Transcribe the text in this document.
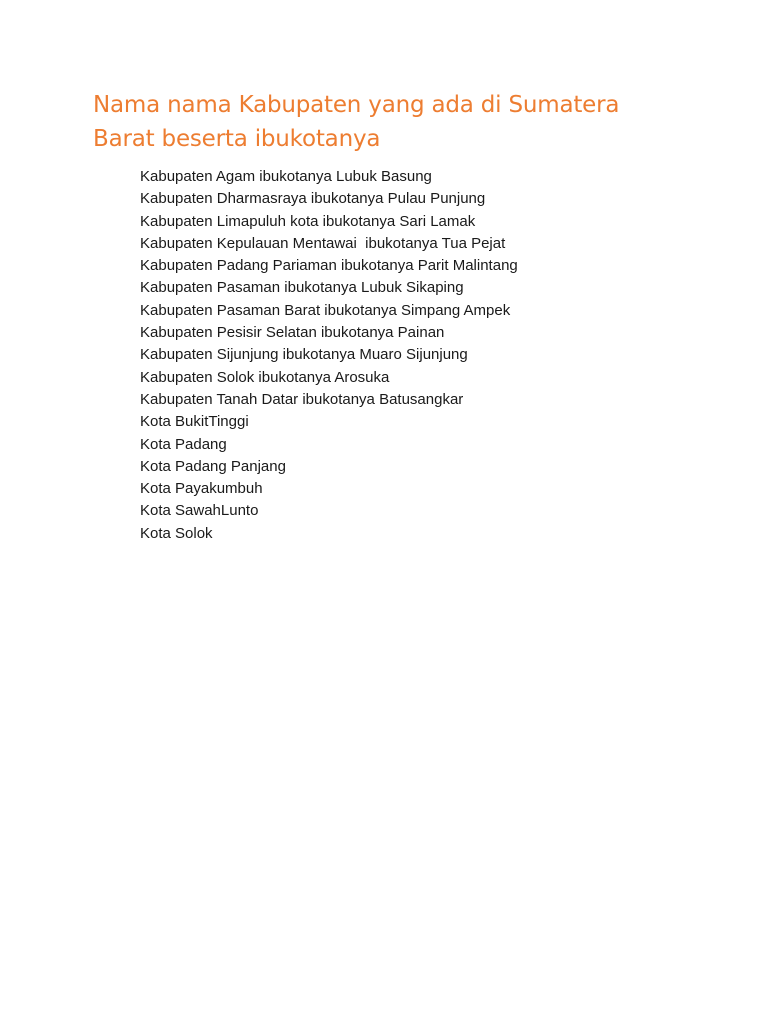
Nama nama Kabupaten yang ada di Sumatera
Barat beserta ibukotanya
Kabupaten Agam ibukotanya Lubuk Basung
Kabupaten Dharmasraya ibukotanya Pulau Punjung
Kabupaten Limapuluh kota ibukotanya Sari Lamak
Kabupaten Kepulauan Mentawai  ibukotanya Tua Pejat
Kabupaten Padang Pariaman ibukotanya Parit Malintang
Kabupaten Pasaman ibukotanya Lubuk Sikaping
Kabupaten Pasaman Barat ibukotanya Simpang Ampek
Kabupaten Pesisir Selatan ibukotanya Painan
Kabupaten Sijunjung ibukotanya Muaro Sijunjung
Kabupaten Solok ibukotanya Arosuka
Kabupaten Tanah Datar ibukotanya Batusangkar
Kota BukitTinggi
Kota Padang
Kota Padang Panjang
Kota Payakumbuh
Kota SawahLunto
Kota Solok
